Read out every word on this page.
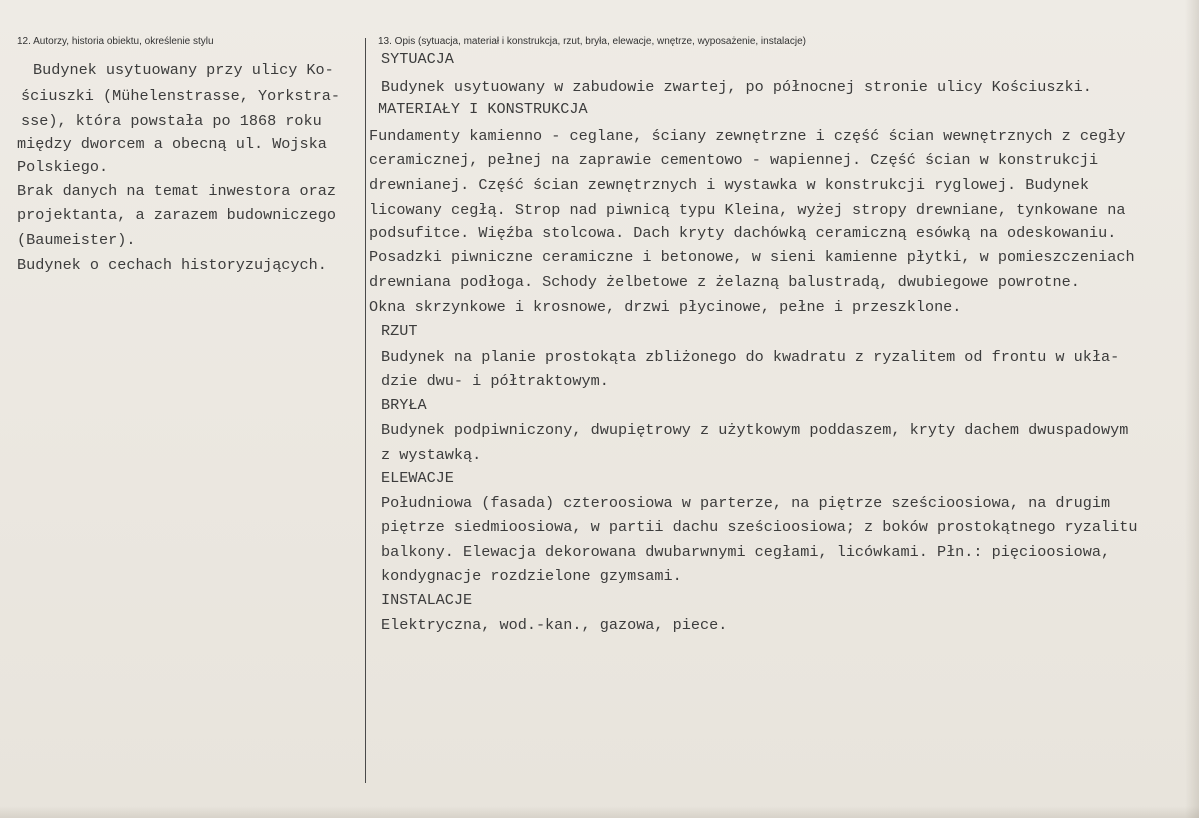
12. Autorzy, historia obiektu, określenie stylu	13. Opis (sytuacja, materiał i konstrukcja, rzut, bryła, elewacje, wnętrze, wyposażenie, instalacje)
Budynek usytuowany przy ulicy Ko-
ściuszki (Mühelenstrasse, Yorkstra-
sse), która powstała po 1868 roku
między dworcem a obecną ul. Wojska
Polskiego.
Brak danych na temat inwestora oraz
projektanta, a zarazem budowniczego
(Baumeister).
Budynek o cechach historyzujących.
SYTUACJA
Budynek usytuowany w zabudowie zwartej, po północnej stronie ulicy Kościuszki.
MATERIAŁY I KONSTRUKCJA
Fundamenty kamienno - ceglane, ściany zewnętrzne i część ścian wewnętrznych z cegły
ceramicznej, pełnej na zaprawie cementowo - wapiennej. Część ścian w konstrukcji
drewnianej. Część ścian zewnętrznych i wystawka w konstrukcji ryglowej. Budynek
licowany cegłą. Strop nad piwnicą typu Kleina, wyżej stropy drewniane, tynkowane na
podsufitce. Więźba stolcowa. Dach kryty dachówką ceramiczną esówką na odeskowaniu.
Posadzki piwniczne ceramiczne i betonowe, w sieni kamienne płytki, w pomieszczeniach
drewniana podłoga. Schody żelbetowe z żelazną balustradą, dwubiegowe powrotne.
Okna skrzynkowe i krosnowe, drzwi płycinowe, pełne i przeszklone.
RZUT
Budynek na planie prostokąta zbliżonego do kwadratu z ryzalitem od frontu w ukła-
dzie dwu- i półtraktowym.
BRYŁA
Budynek podpiwniczony, dwupiętrowy z użytkowym poddaszem, kryty dachem dwuspadowym
z wystawką.
ELEWACJE
Południowa (fasada) czteroosiowa w parterze, na piętrze sześcioosiowa, na drugim
piętrze siedmioosiowa, w partii dachu sześcioosiowa; z boków prostokątnego ryzalitu
balkony. Elewacja dekorowana dwubarwnymi cegłami, licówkami. Płn.: pięcioosiowa,
kondygnacje rozdzielone gzymsami.
INSTALACJE
Elektryczna, wod.-kan., gazowa, piece.
